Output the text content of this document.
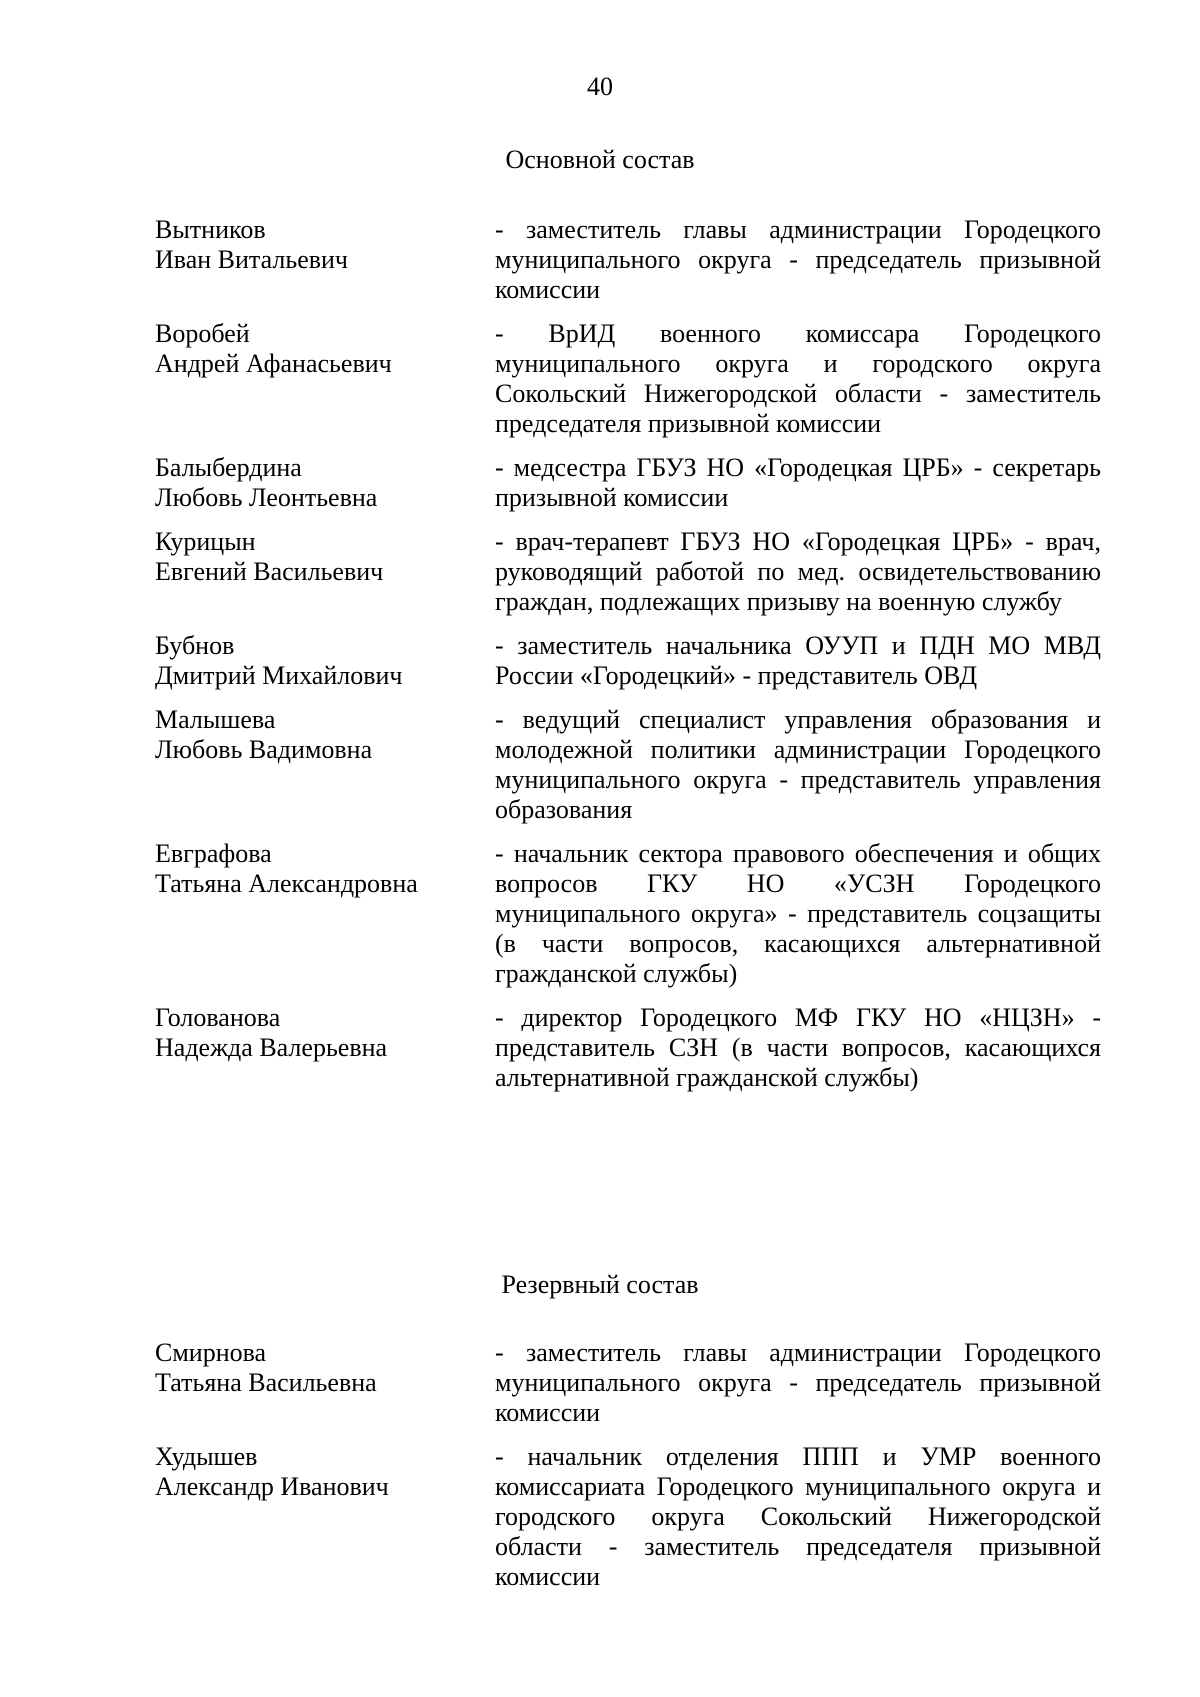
40
Основной состав
Вытников
Иван Витальевич
- заместитель главы администрации Городецкого муниципального округа - председатель призывной комиссии
Воробей
Андрей Афанасьевич
- ВрИД военного комиссара Городецкого муниципального округа и городского округа Сокольский Нижегородской области - заместитель председателя призывной комиссии
Балыбердина
Любовь Леонтьевна
- медсестра ГБУЗ НО «Городецкая ЦРБ» - секретарь призывной комиссии
Курицын
Евгений Васильевич
- врач-терапевт ГБУЗ НО «Городецкая ЦРБ» - врач, руководящий работой по мед. освидетельствованию граждан, подлежащих призыву на военную службу
Бубнов
Дмитрий Михайлович
- заместитель начальника ОУУП и ПДН МО МВД России «Городецкий» - представитель ОВД
Малышева
Любовь Вадимовна
- ведущий специалист управления образования и молодежной политики администрации Городецкого муниципального округа - представитель управления образования
Евграфова
Татьяна Александровна
- начальник сектора правового обеспечения и общих вопросов ГКУ НО «УСЗН Городецкого муниципального округа» - представитель соцзащиты (в части вопросов, касающихся альтернативной гражданской службы)
Голованова
Надежда Валерьевна
- директор Городецкого МФ ГКУ НО «НЦЗН» - представитель СЗН (в части вопросов, касающихся альтернативной гражданской службы)
Резервный состав
Смирнова
Татьяна Васильевна
- заместитель главы администрации Городецкого муниципального округа - председатель призывной комиссии
Худышев
Александр Иванович
- начальник отделения ППП и УМР военного комиссариата Городецкого муниципального округа и городского округа Сокольский Нижегородской области - заместитель председателя призывной комиссии
